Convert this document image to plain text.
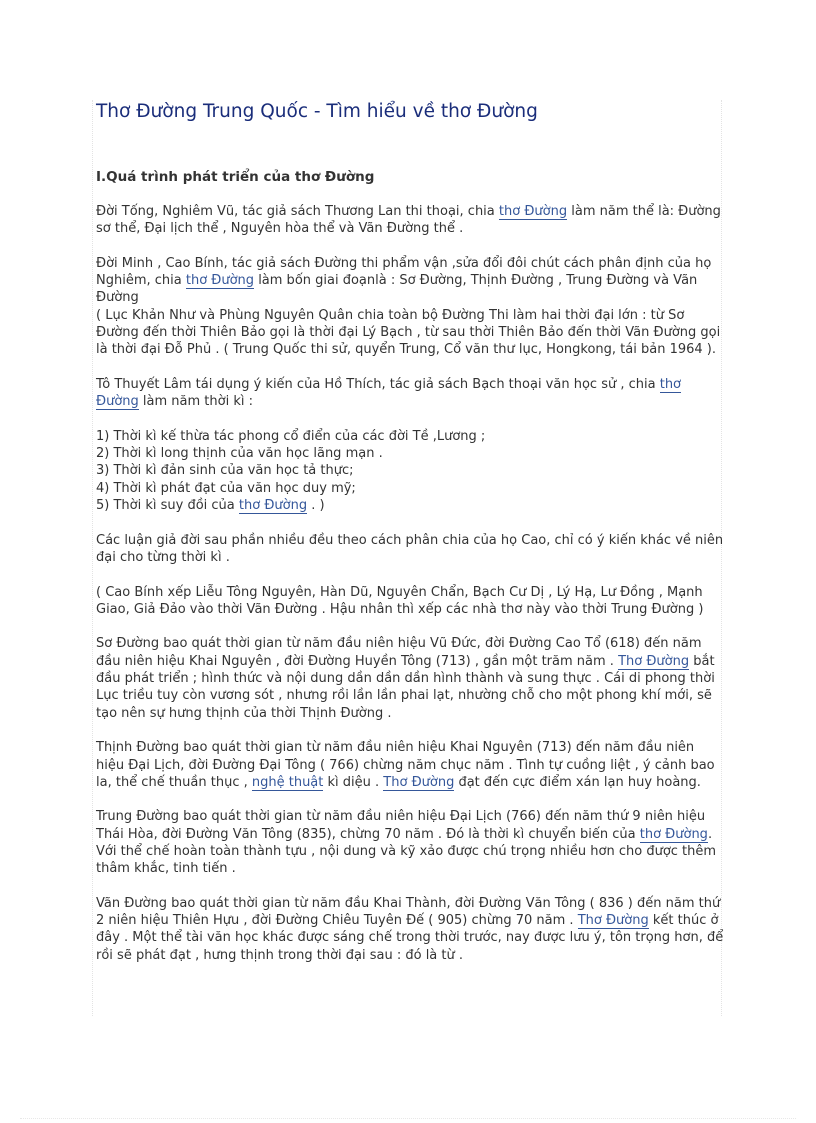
Thơ Đường Trung Quốc - Tìm hiểu về thơ Đường
I.Quá trình phát triển của thơ Đường

Đời Tống, Nghiêm Vũ, tác giả sách Thương Lan thi thoại, chia thơ Đường làm năm thể là: Đường sơ thể, Đại lịch thể , Nguyên hòa thể và Vãn Đường thể .

Đời Minh , Cao Bính, tác giả sách Đường thi phẩm vận ,sửa đổi đôi chút cách phân định của họ Nghiêm, chia thơ Đường làm bốn giai đoạnlà : Sơ Đường, Thịnh Đường , Trung Đường và Vãn Đường

( Lục Khản Như và Phùng Nguyên Quân chia toàn bộ Đường Thi làm hai thời đại lớn : từ Sơ Đường đến thời Thiên Bảo gọi là thời đại Lý Bạch , từ sau thời Thiên Bảo đến thời Vãn Đường gọi là thời đại Đỗ Phủ . ( Trung Quốc thi sử, quyển Trung, Cổ văn thư lục, Hongkong, tái bản 1964 ).

Tô Thuyết Lâm tái dụng ý kiến của Hồ Thích, tác giả sách Bạch thoại văn học sử , chia thơ Đường làm năm thời kì :

1) Thời kì kế thừa tác phong cổ điển của các đời Tề ,Lương ;
2) Thời kì long thịnh của văn học lãng mạn .
3) Thời kì đản sinh của văn học tả thực;
4) Thời kì phát đạt của văn học duy mỹ;
5) Thời kì suy đồi của thơ Đường . )

Các luận giả đời sau phần nhiều đều theo cách phân chia của họ Cao, chỉ có ý kiến khác về niên đại cho từng thời kì .

( Cao Bính xếp Liễu Tông Nguyên, Hàn Dũ, Nguyên Chẩn, Bạch Cư Dị , Lý Hạ, Lư Đồng , Mạnh Giao, Giả Đảo vào thời Vãn Đường . Hậu nhân thì xếp các nhà thơ này vào thời Trung Đường )

Sơ Đường bao quát thời gian từ năm đầu niên hiệu Vũ Đức, đời Đường Cao Tổ (618) đến năm đầu niên hiệu Khai Nguyên , đời Đường Huyền Tông (713) , gần một trăm năm . Thơ Đường bắt đầu phát triển ; hình thức và nội dung dần dần dần hình thành và sung thực . Cái di phong thời Lục triều tuy còn vương sót , nhưng rồi lần lần phai lạt, nhường chỗ cho một phong khí mới, sẽ tạo nên sự hưng thịnh của thời Thịnh Đường .

Thịnh Đường bao quát thời gian từ năm đầu niên hiệu Khai Nguyên (713) đến năm đầu niên hiệu Đại Lịch, đời Đường Đại Tông ( 766) chừng năm chục năm . Tình tự cuồng liệt , ý cảnh bao la, thể chế thuần thục , nghệ thuật kì diệu . Thơ Đường đạt đến cực điểm xán lạn huy hoàng.

Trung Đường bao quát thời gian từ năm đầu niên hiệu Đại Lịch (766) đến năm thứ 9 niên hiệu Thái Hòa, đời Đường Văn Tông (835), chừng 70 năm . Đó là thời kì chuyển biến của thơ Đường. Với thể chế hoàn toàn thành tựu , nội dung và kỹ xảo được chú trọng nhiều hơn cho được thêm thâm khắc, tinh tiến .

Vãn Đường bao quát thời gian từ năm đầu Khai Thành, đời Đường Văn Tông ( 836 ) đến năm thứ 2 niên hiệu Thiên Hựu , đời Đường Chiêu Tuyên Đế ( 905) chừng 70 năm . Thơ Đường kết thúc ở đây . Một thể tài văn học khác được sáng chế trong thời trước, nay được lưu ý, tôn trọng hơn, để rồi sẽ phát đạt , hưng thịnh trong thời đại sau : đó là từ .
